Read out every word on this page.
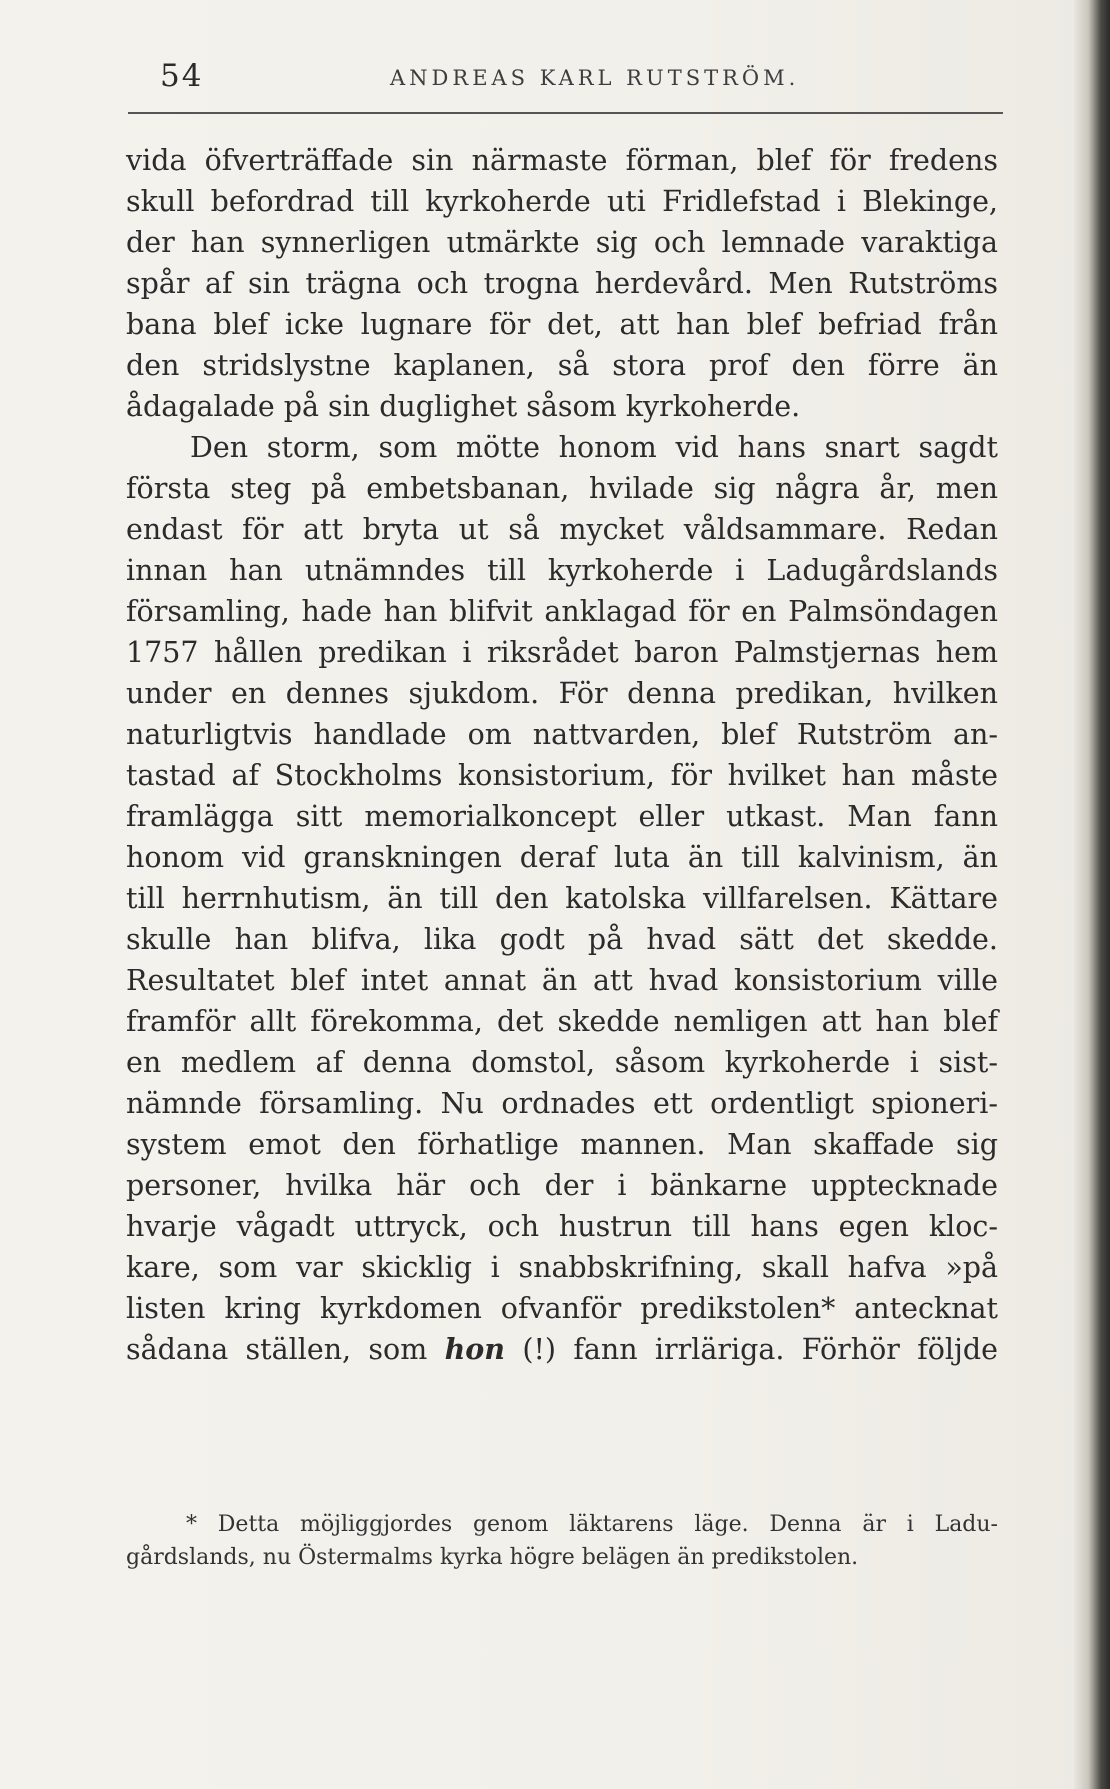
54	ANDREAS KARL RUTSTRÖM.
vida öfverträffade sin närmaste förman, blef för fredens
skull befordrad till kyrkoherde uti Fridlefstad i Blekinge,
der han synnerligen utmärkte sig och lemnade varaktiga
spår af sin trägna och trogna herdevård. Men Rutströms
bana blef icke lugnare för det, att han blef befriad från
den stridslystne kaplanen, så stora prof den förre än
ådagalade på sin duglighet såsom kyrkoherde.
Den storm, som mötte honom vid hans snart sagdt
första steg på embetsbanan, hvilade sig några år, men
endast för att bryta ut så mycket våldsammare. Redan
innan han utnämndes till kyrkoherde i Ladugårdslands
församling, hade han blifvit anklagad för en Palmsöndagen
1757 hållen predikan i riksrådet baron Palmstjernas hem
under en dennes sjukdom. För denna predikan, hvilken
naturligtvis handlade om nattvarden, blef Rutström an-
tastad af Stockholms konsistorium, för hvilket han måste
framlägga sitt memorialkoncept eller utkast. Man fann
honom vid granskningen deraf luta än till kalvinism, än
till herrnhutism, än till den katolska villfarelsen. Kättare
skulle han blifva, lika godt på hvad sätt det skedde.
Resultatet blef intet annat än att hvad konsistorium ville
framför allt förekomma, det skedde nemligen att han blef
en medlem af denna domstol, såsom kyrkoherde i sist-
nämnde församling. Nu ordnades ett ordentligt spioneri-
system emot den förhatlige mannen. Man skaffade sig
personer, hvilka här och der i bänkarne upptecknade
hvarje vågadt uttryck, och hustrun till hans egen kloc-
kare, som var skicklig i snabbskrifning, skall hafva »på
listen kring kyrkdomen ofvanför predikstolen* antecknat
sådana ställen, som hon (!) fann irrläriga. Förhör följde
* Detta möjliggjordes genom läktarens läge. Denna är i Ladu-
gårdslands, nu Östermalms kyrka högre belägen än predikstolen.
